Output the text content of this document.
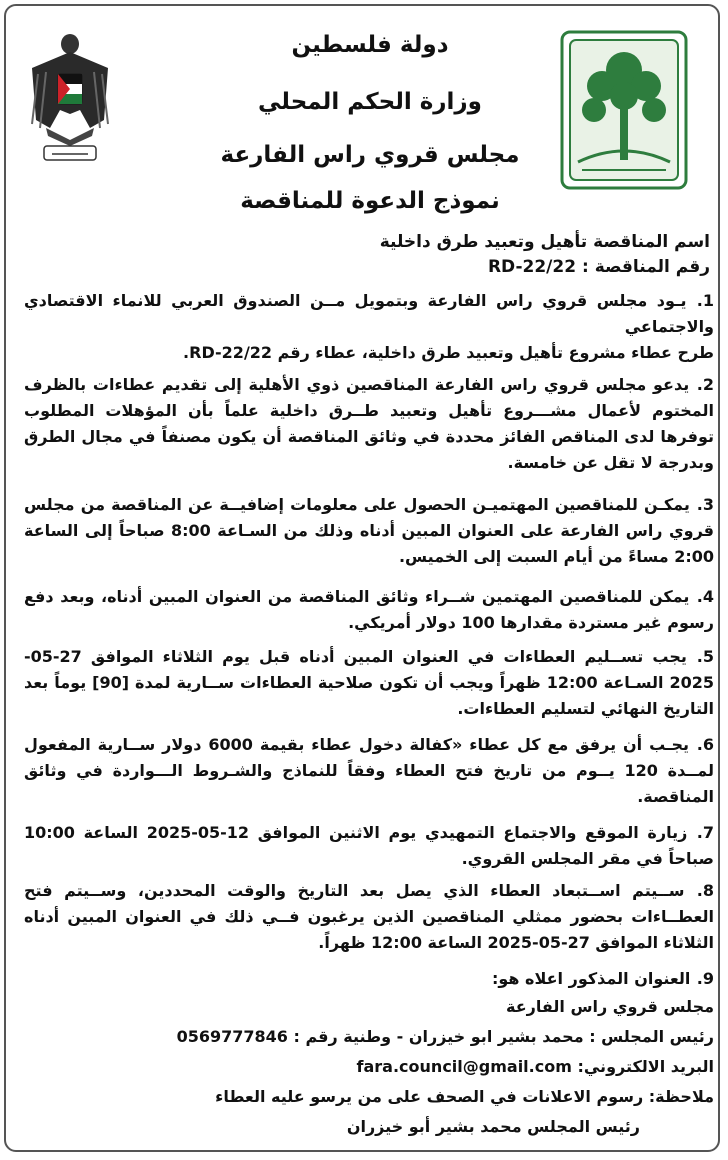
دولة فلسطين
وزارة الحكم المحلي
مجلس قروي راس الفارعة
نموذج الدعوة للمناقصة
اسم المناقصة تأهيل وتعبيد طرق داخلية
رقم المناقصة : 22/RD-22
1. يـود مجلس قروي راس الفارعة وبتمويل مــن الصندوق العربي للانماء الاقتصادي والاجتماعي
طرح عطاء مشروع تأهيل وتعبيد طرق داخلية، عطاء رقم 22/RD-22.
2. يدعو مجلس قروي راس الفارعة المناقصين ذوي الأهلية إلى تقديم عطاءات بالظرف المختوم لأعمال مشـــروع تأهيل وتعبيد طــرق داخلية علماً بأن المؤهلات المطلوب توفرها لدى المناقص الفائز محددة في وثائق المناقصة أن يكون مصنفاً في مجال الطرق وبدرجة لا تقل عن خامسة.
3. يمكـن للمناقصين المهتميـن الحصول على معلومات إضافيــة عن المناقصة من مجلس قروي راس الفارعة على العنوان المبين أدناه وذلك من السـاعة 8:00 صباحاً إلى الساعة 2:00 مساءً من أيام السبت إلى الخميس.
4. يمكن للمناقصين المهتمين شــراء وثائق المناقصة من العنوان المبين أدناه، وبعد دفع رسوم غير مستردة مقدارها 100 دولار أمريكي.
5. يجب تســليم العطاءات في العنوان المبين أدناه قبل يوم الثلاثاء الموافق 27-05-2025 السـاعة 12:00 ظهراً ويجب أن تكون صلاحية العطاءات ســارية لمدة [90] يوماً بعد التاريخ النهائي لتسليم العطاءات.
6. يجـب أن يرفق مع كل عطاء «كفالة دخول عطاء بقيمة 6000 دولار ســارية المفعول لمــدة 120 يــوم من تاريخ فتح العطاء وفقاً للنماذج والشـروط الـــواردة في وثائق المناقصة.
7. زيارة الموقع والاجتماع التمهيدي يوم الاثنين الموافق 12-05-2025 الساعة 10:00 صباحاً في مقر المجلس القروي.
8. ســيتم اســتبعاد العطاء الذي يصل بعد التاريخ والوقت المحددين، وســيتم فتح العطــاءات بحضور ممثلي المناقصين الذين يرغبون فــي ذلك في العنوان المبين أدناه الثلاثاء الموافق 27-05-2025 الساعة 12:00 ظهراً.
9. العنوان المذكور اعلاه هو:
مجلس قروي راس الفارعة
رئيس المجلس : محمد بشير ابو خيزران - وطنية رقم : 0569777846
البريد الالكتروني: fara.council@gmail.com
ملاحظة: رسوم الاعلانات في الصحف على من يرسو عليه العطاء
رئيس المجلس محمد بشير أبو خيزران
